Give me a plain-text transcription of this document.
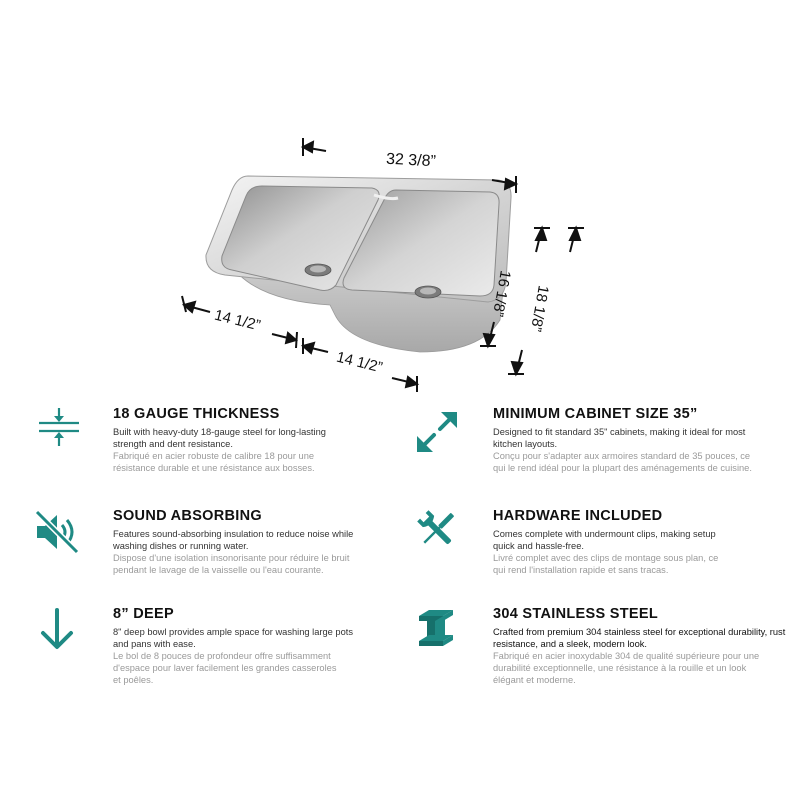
32 3/8”
14 1/2”
14 1/2”
16 1/8” 18 1/8”
18 GAUGE THICKNESS

Built with heavy-duty 18-gauge steel for long-lasting strength and dent resistance.

Fabriqué en acier robuste de calibre 18 pour une résistance durable et une résistance aux bosses.

MINIMUM CABINET SIZE 35”

Designed to fit standard 35" cabinets, making it ideal for most kitchen layouts.

Conçu pour s'adapter aux armoires standard de 35 pouces, ce qui le rend idéal pour la plupart des aménagements de cuisine.

SOUND ABSORBING

Features sound-absorbing insulation to reduce noise while washing dishes or running water.

Dispose d'une isolation insonorisante pour réduire le bruit pendant le lavage de la vaisselle ou l'eau courante.

HARDWARE INCLUDED

Comes complete with undermount clips, making setup quick and hassle-free.

Livré complet avec des clips de montage sous plan, ce qui rend l'installation rapide et sans tracas.

8” DEEP

8" deep bowl provides ample space for washing large pots and pans with ease.

Le bol de 8 pouces de profondeur offre suffisamment d'espace pour laver facilement les grandes casseroles et poêles.

304 STAINLESS STEEL

Crafted from premium 304 stainless steel for exceptional durability, rust resistance, and a sleek, modern look.

Fabriqué en acier inoxydable 304 de qualité supérieure pour une durabilité exceptionnelle, une résistance à la rouille et un look élégant et moderne.
